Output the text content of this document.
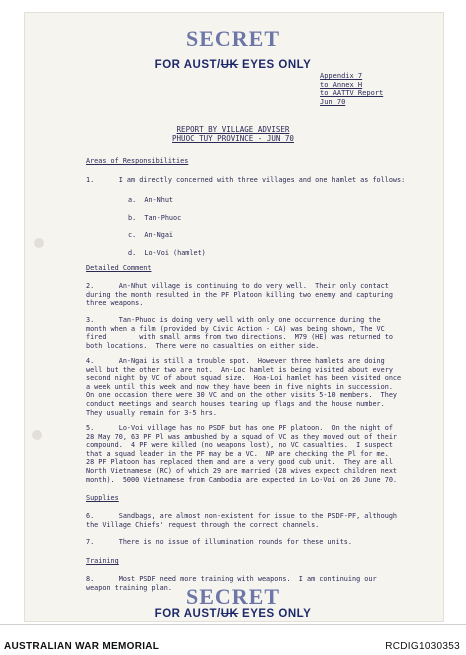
SECRET
FOR AUST/UK EYES ONLY
Appendix 7
to Annex H
to AATTV Report
Jun 70
REPORT BY VILLAGE ADVISER
PHUOC TUY PROVINCE - JUN 70
Areas of Responsibilities
1.      I am directly concerned with three villages and one hamlet as follows:
a.  An-Nhut
b.  Tan-Phuoc
c.  An-Ngai
d.  Lo-Voi (hamlet)
Detailed Comment
2.      An-Nhut village is continuing to do very well.  Their only contact
during the month resulted in the PF Platoon killing two enemy and capturing
three weapons.
3.      Tan-Phuoc is doing very well with only one occurrence during the
month when a film (provided by Civic Action - CA) was being shown, The VC
fired        with small arms from two directions.  M79 (HE) was returned to
both locations.  There were no casualties on either side.
4.      An-Ngai is still a trouble spot.  However three hamlets are doing
well but the other two are not.  An-Loc hamlet is being visited about every
second night by VC of about squad size.  Hoa-Loi hamlet has been visited once
a week until this week and now they have been in five nights in succession.
On one occasion there were 30 VC and on the other visits 5-10 members.  They
conduct meetings and search houses tearing up flags and the house number.
They usually remain for 3-5 hrs.
5.      Lo-Voi village has no PSDF but has one PF platoon.  On the night of
28 May 70, 63 PF Pl was ambushed by a squad of VC as they moved out of their
compound.  4 PF were killed (no weapons lost), no VC casualties.  I suspect
that a squad leader in the PF may be a VC.  NP are checking the Pl for me.
28 PF Platoon has replaced them and are a very good cub unit.  They are all
North Vietnamese (RC) of which 29 are married (28 wives expect children next
month).  5000 Vietnamese from Cambodia are expected in Lo-Voi on 26 June 70.
Supplies
6.      Sandbags, are almost non-existent for issue to the PSDF-PF, although
the Village Chiefs' request through the correct channels.
7.      There is no issue of illumination rounds for these units.
Training
8.      Most PSDF need more training with weapons.  I am continuing our
weapon training plan. SECRET
FOR AUST/UK EYES ONLY
AUSTRALIAN WAR MEMORIAL	RCDIG1030353
